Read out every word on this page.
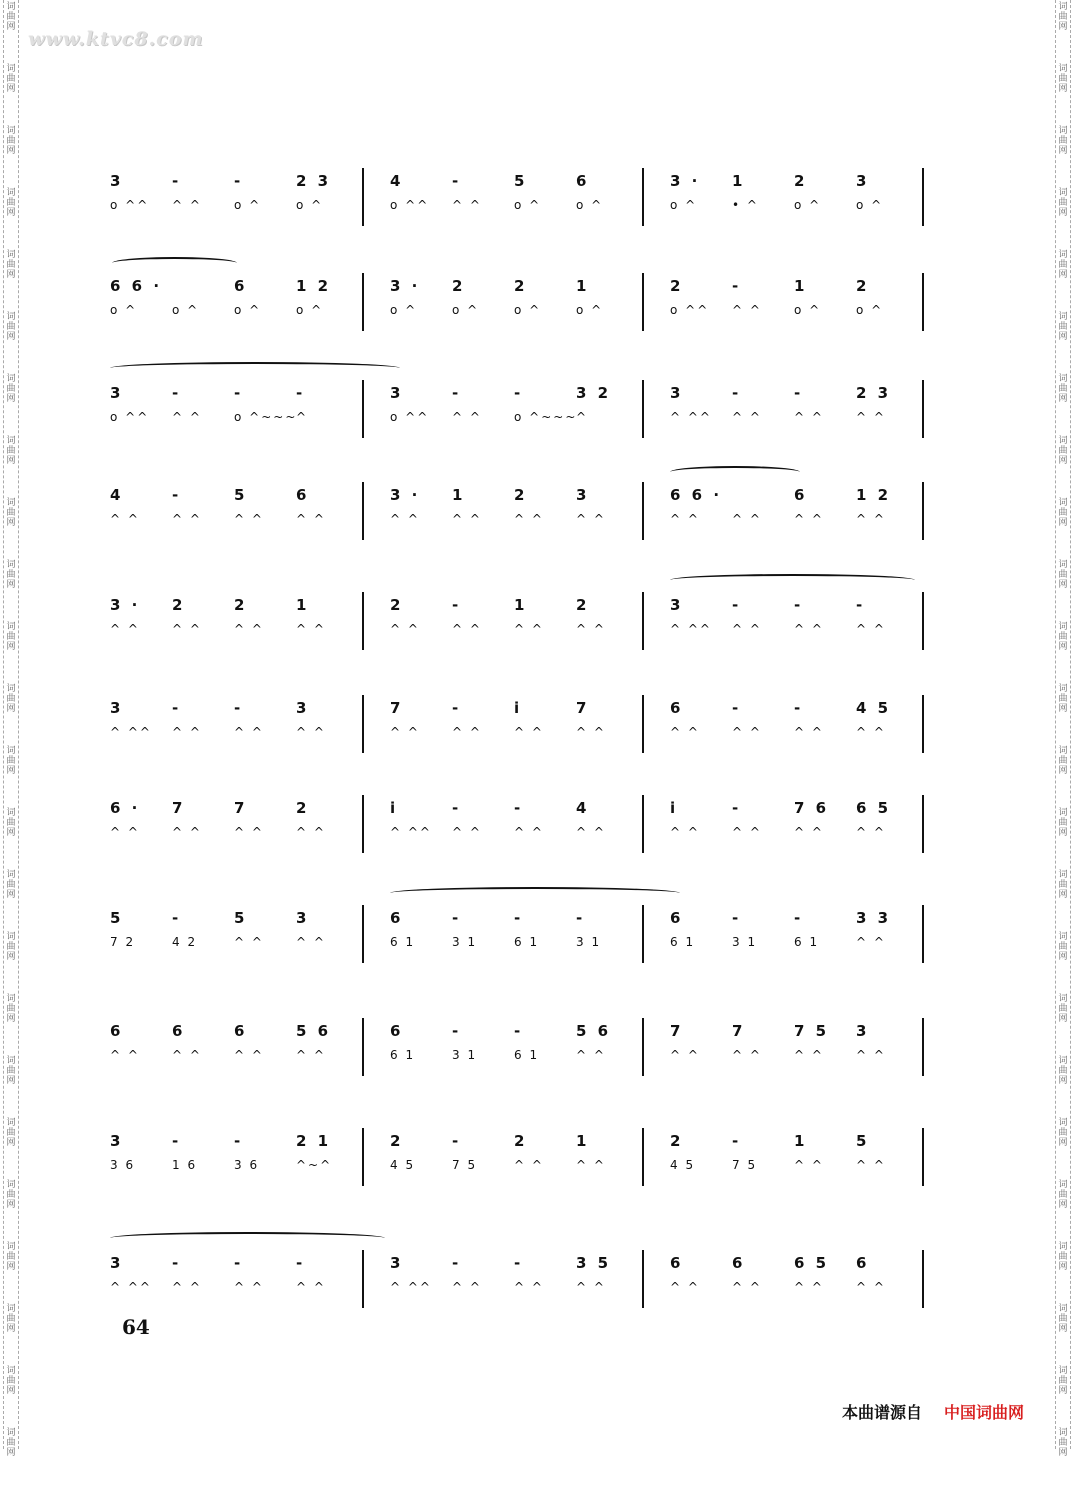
词
曲
网
词
曲
网
词
曲
网
词
曲
网
词
曲
网
词
曲
网
词
曲
网
词
曲
网
词
曲
网
词
曲
网
词
曲
网
词
曲
网
词
曲
网
词
曲
网
词
曲
网
词
曲
网
词
曲
网
词
曲
网
词
曲
网
词
曲
网
词
曲
网
词
曲
网
词
曲
网
词
曲
网
词
曲
网
词
曲
网
词
曲
网
词
曲
网
词
曲
网
词
曲
网
词
曲
网
词
曲
网
词
曲
网
词
曲
网
词
曲
网
词
曲
网
词
曲
网
词
曲
网
词
曲
网
词
曲
网
词
曲
网
词
曲
网
词
曲
网
词
曲
网
词
曲
网
词
曲
网
词
曲
网
词
曲
网
www.ktvc8.com
3	-	-	2 3
o ^^	^ ^	o ^	o ^
4	-	5	6
o ^^	^ ^	o ^	o ^
3 ·	1	2	3
o ^	• ^	o ^	o ^
6 6 ·	6	1 2
o ^	o ^	o ^	o ^
3 ·	2	2	1
o ^	o ^	o ^	o ^
2	-	1	2
o ^^	^ ^	o ^	o ^
3	-	-	-
o ^^	^ ^	o ^~~~
^
3	-	-	3 2
o ^^	^ ^	o ^~~~
^
3	-	-	2 3
^ ^^	^ ^	^ ^	^ ^
4	-	5	6
^ ^	^ ^	^ ^	^ ^
3 ·	1	2	3
^ ^	^ ^	^ ^	^ ^
6 6 ·	6	1 2
^ ^	^ ^	^ ^	^ ^
3 ·	2	2	1
^ ^	^ ^	^ ^	^ ^
2	-	1	2
^ ^	^ ^	^ ^	^ ^
3	-	-	-
^ ^^	^ ^	^ ^	^ ^
3	-	-	3
^ ^^	^ ^	^ ^	^ ^
7	-	i	7
^ ^	^ ^	^ ^	^ ^
6	-	-	4 5
^ ^	^ ^	^ ^	^ ^
6 ·	7	7	2
^ ^	^ ^	^ ^	^ ^
i	-	-	4
^ ^^	^ ^	^ ^	^ ^
i	-	7 6	6 5
^ ^	^ ^	^ ^	^ ^
5	-	5	3
7 2	4 2	^ ^	^ ^
6	-	-	-
6 1	3 1	6 1	3 1
6	-	-	3 3
6 1	3 1	6 1	^ ^
6	6	6	5 6
^ ^	^ ^	^ ^	^ ^
6	-	-	5 6
6 1	3 1	6 1	^ ^
7	7	7 5	3
^ ^	^ ^	^ ^	^ ^
3	-	-	2 1
3 6	1 6	3 6	^~^
2	-	2	1
4 5	7 5	^ ^	^ ^
2	-	1	5
4 5	7 5	^ ^	^ ^
3	-	-	-
^ ^^	^ ^	^ ^	^ ^
3	-	-	3 5
^ ^^	^ ^	^ ^	^ ^
6	6	6 5	6
^ ^	^ ^	^ ^	^ ^
64
本曲谱源自 中国词曲网
